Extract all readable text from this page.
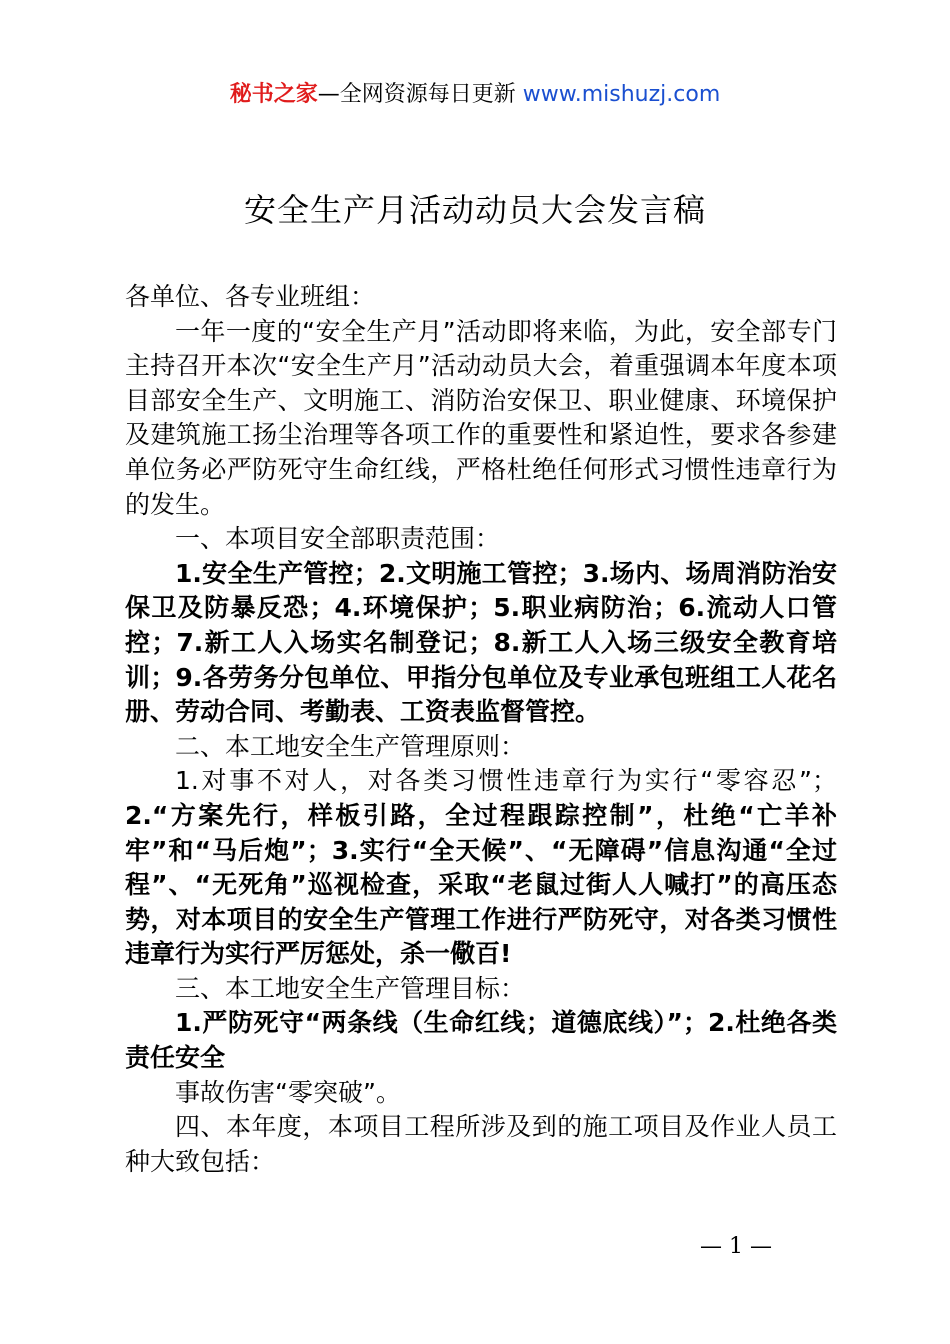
秘书之家—全网资源每日更新 www.mishuzj.com
安全生产月活动动员大会发言稿

各单位、各专业班组：

一年一度的“安全生产月”活动即将来临，为此，安全部专门主持召开本次“安全生产月”活动动员大会，着重强调本年度本项目部安全生产、文明施工、消防治安保卫、职业健康、环境保护及建筑施工扬尘治理等各项工作的重要性和紧迫性，要求各参建单位务必严防死守生命红线，严格杜绝任何形式习惯性违章行为的发生。

一、本项目安全部职责范围：

1.安全生产管控；2.文明施工管控；3.场内、场周消防治安保卫及防暴反恐；4.环境保护；5.职业病防治；6.流动人口管控；7.新工人入场实名制登记；8.新工人入场三级安全教育培训；9.各劳务分包单位、甲指分包单位及专业承包班组工人花名册、劳动合同、考勤表、工资表监督管控。

二、本工地安全生产管理原则：

1.对事不对人，对各类习惯性违章行为实行“零容忍”；2.“方案先行，样板引路，全过程跟踪控制”，杜绝“亡羊补牢”和“马后炮”；3.实行“全天候”、“无障碍”信息沟通“全过程”、“无死角”巡视检查，采取“老鼠过街人人喊打”的高压态势，对本项目的安全生产管理工作进行严防死守，对各类习惯性违章行为实行严厉惩处，杀一儆百!

三、本工地安全生产管理目标：

1.严防死守“两条线（生命红线；道德底线）”；2.杜绝各类责任安全

事故伤害“零突破”。

四、本年度，本项目工程所涉及到的施工项目及作业人员工种大致包括：

— 1 —
